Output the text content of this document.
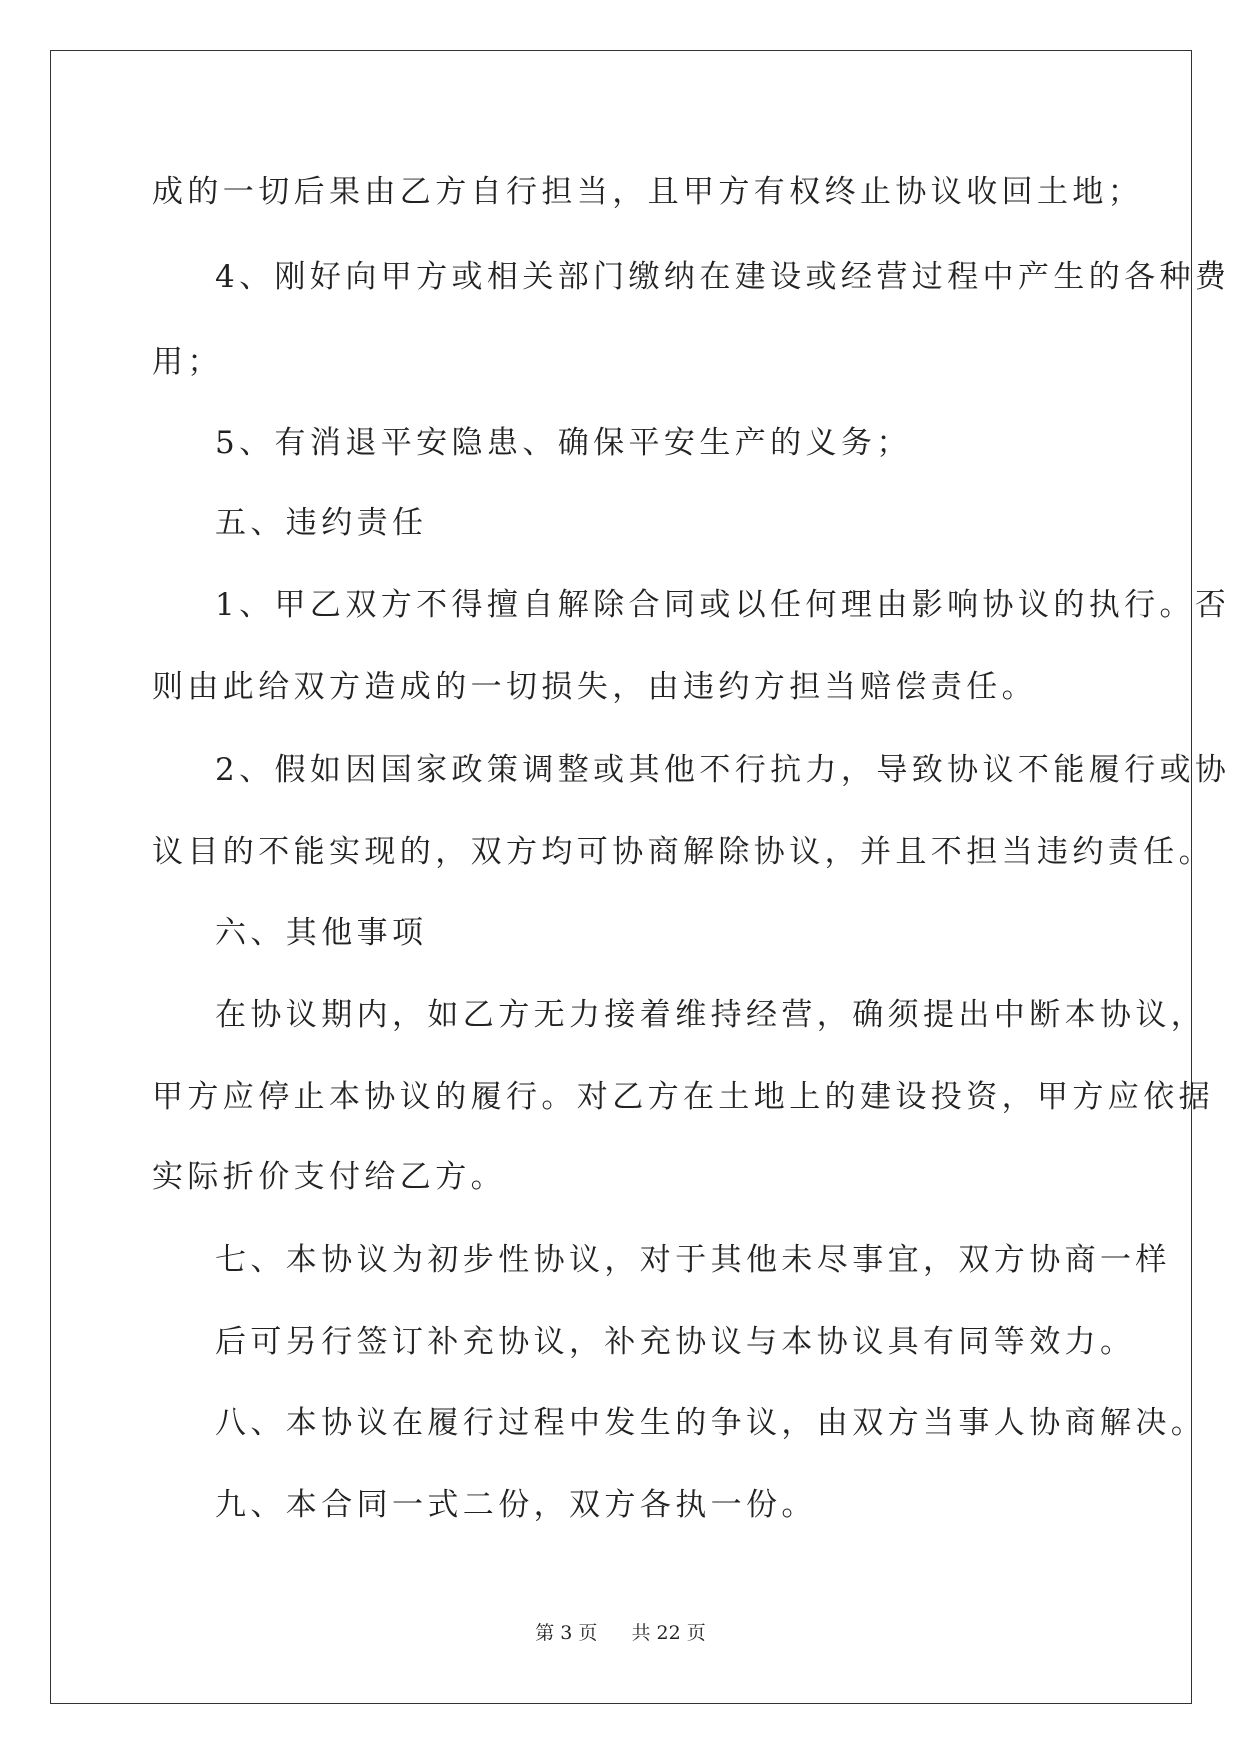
成的一切后果由乙方自行担当，且甲方有权终止协议收回土地；
4、刚好向甲方或相关部门缴纳在建设或经营过程中产生的各种费
用；
5、有消退平安隐患、确保平安生产的义务；
五、违约责任
1、甲乙双方不得擅自解除合同或以任何理由影响协议的执行。否
则由此给双方造成的一切损失，由违约方担当赔偿责任。
2、假如因国家政策调整或其他不行抗力，导致协议不能履行或协
议目的不能实现的，双方均可协商解除协议，并且不担当违约责任。
六、其他事项
在协议期内，如乙方无力接着维持经营，确须提出中断本协议，
甲方应停止本协议的履行。对乙方在土地上的建设投资，甲方应依据
实际折价支付给乙方。
七、本协议为初步性协议，对于其他未尽事宜，双方协商一样
后可另行签订补充协议，补充协议与本协议具有同等效力。
八、本协议在履行过程中发生的争议，由双方当事人协商解决。
九、本合同一式二份，双方各执一份。
第 3 页 共 22 页
